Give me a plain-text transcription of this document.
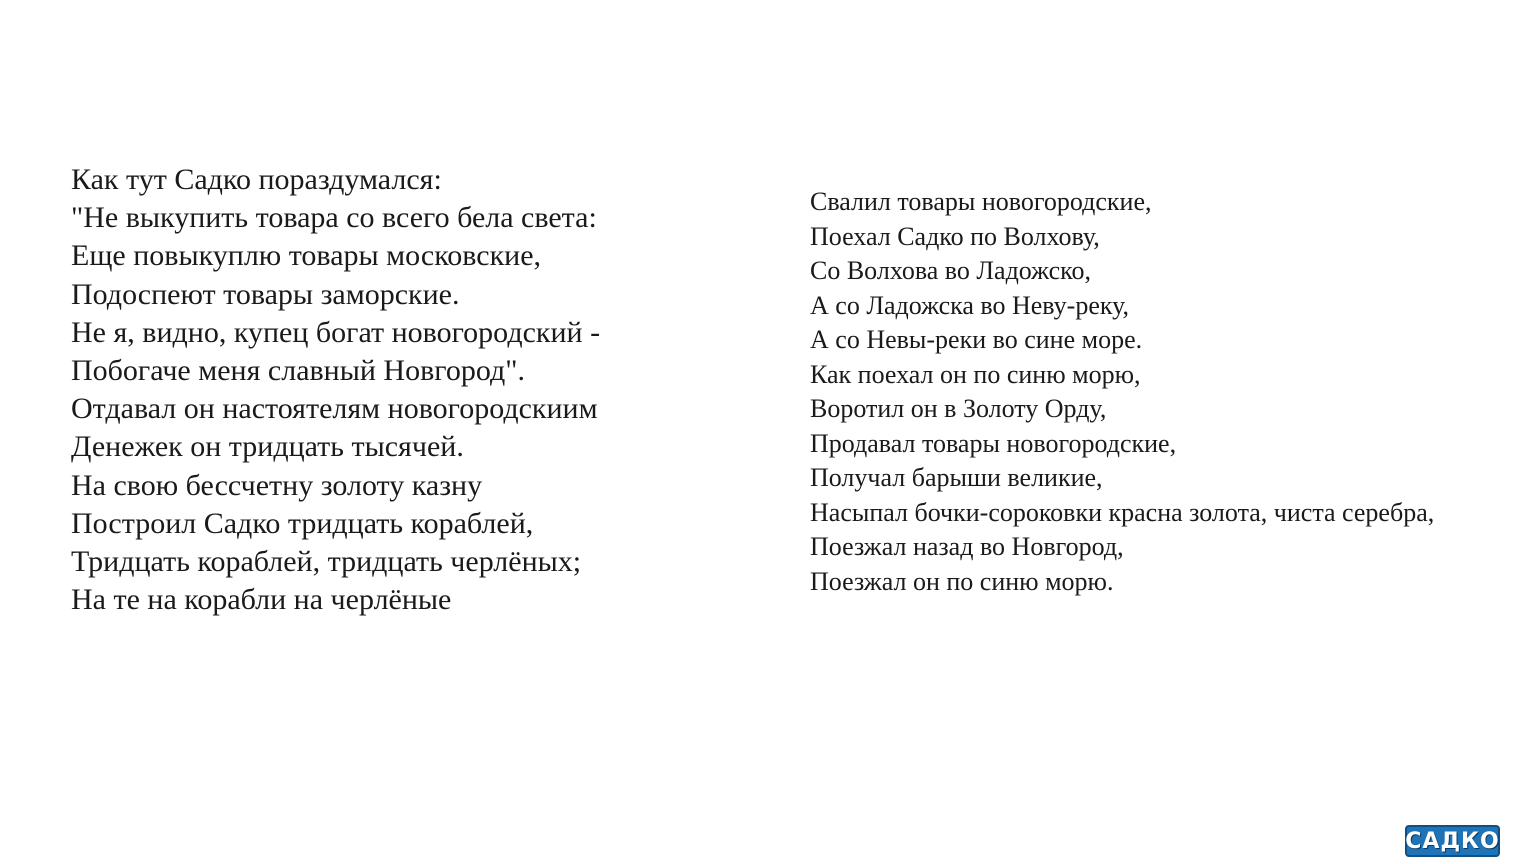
Как тут Садко пораздумался:
"Не выкупить товара со всего бела света:
Еще повыкуплю товары московские,
Подоспеют товары заморские.
Не я, видно, купец богат новогородский -
Побогаче меня славный Новгород".
Отдавал он настоятелям новогородскиим
Денежек он тридцать тысячей.
На свою бессчетну золоту казну
Построил Садко тридцать кораблей,
Тридцать кораблей, тридцать черлёных;
На те на корабли на черлёные
Свалил товары новогородские,
Поехал Садко по Волхову,
Со Волхова во Ладожско,
А со Ладожска во Неву-реку,
А со Невы-реки во сине море.
Как поехал он по синю морю,
Воротил он в Золоту Орду,
Продавал товары новогородские,
Получал барыши великие,
Насыпал бочки-сороковки красна золота, чиста серебра,
Поезжал назад во Новгород,
Поезжал он по синю морю.
САДКО
